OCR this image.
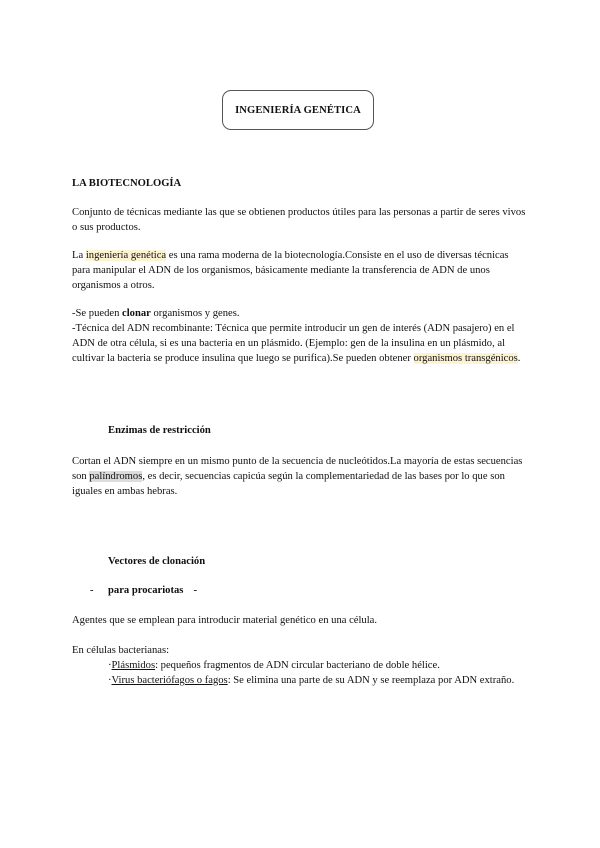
INGENIERÍA GENÉTICA
LA BIOTECNOLOGÍA
Conjunto de técnicas mediante las que se obtienen productos útiles para las personas a partir de seres vivos o sus productos.
La ingeniería genética es una rama moderna de la biotecnología.Consiste en el uso de diversas técnicas para manipular el ADN de los organismos, básicamente mediante la transferencia de ADN de unos organismos a otros.
-Se pueden clonar organismos y genes.
-Técnica del ADN recombinante: Técnica que permite introducir un gen de interés (ADN pasajero) en el ADN de otra célula, si es una bacteria en un plásmido. (Ejemplo: gen de la insulina en un plásmido, al cultivar la bacteria se produce insulina que luego se purifica).Se pueden obtener organismos transgénicos.
Enzimas de restricción
Cortan el ADN siempre en un mismo punto de la secuencia de nucleótidos.La mayoría de estas secuencias son palíndromos, es decir, secuencias capicúa según la complementariedad de las bases por lo que son iguales en ambas hebras.
Vectores de clonación
- para procariotas -
Agentes que se emplean para introducir material genético en una célula.
En células bacterianas:
·Plásmidos: pequeños fragmentos de ADN circular bacteriano de doble hélice.
·Virus bacteriófagos o fagos: Se elimina una parte de su ADN y se reemplaza por ADN extraño.
